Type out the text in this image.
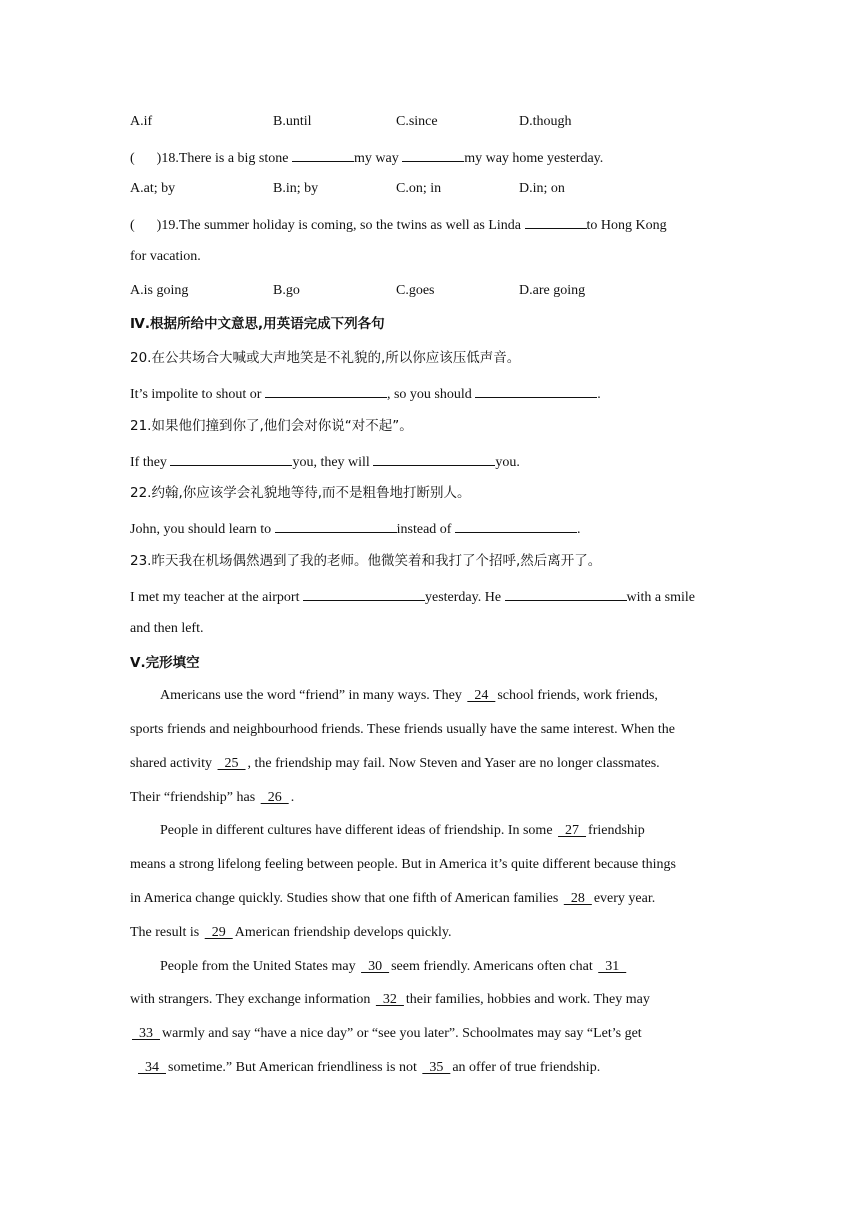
A.if	B.until	C.since	D.though
( )18.There is a big stone	my way	my way home yesterday.
A.at; by	B.in; by	C.on; in	D.in; on
( )19.The summer holiday is coming, so the twins as well as Linda	to Hong Kong
for vacation.
A.is going	B.go	C.goes	D.are going
Ⅳ.根据所给中文意思,用英语完成下列各句
20.在公共场合大喊或大声地笑是不礼貌的,所以你应该压低声音。
It’s impolite to shout or	, so you should	.
21.如果他们撞到你了,他们会对你说“对不起”。
If they	you, they will	you.
22.约翰,你应该学会礼貌地等待,而不是粗鲁地打断别人。
John, you should learn to	instead of	.
23.昨天我在机场偶然遇到了我的老师。他微笑着和我打了个招呼,然后离开了。
I met my teacher at the airport	yesterday. He	with a smile
and then left.
Ⅴ.完形填空
Americans use the word “friend” in many ways. They   24  school friends, work friends,
sports friends and neighbourhood friends. These friends usually have the same interest. When the
shared activity   25  , the friendship may fail. Now Steven and Yaser are no longer classmates.
Their “friendship” has   26  .
People in different cultures have different ideas of friendship. In some   27  friendship
means a strong lifelong feeling between people. But in America it’s quite different because things
in America change quickly. Studies show that one fifth of American families   28  every year.
The result is   29  American friendship develops quickly.
People from the United States may   30  seem friendly. Americans often chat   31
with strangers. They exchange information   32  their families, hobbies and work. They may
33  warmly and say “have a nice day” or “see you later”. Schoolmates may say “Let’s get
34  sometime.” But American friendliness is not   35  an offer of true friendship.
